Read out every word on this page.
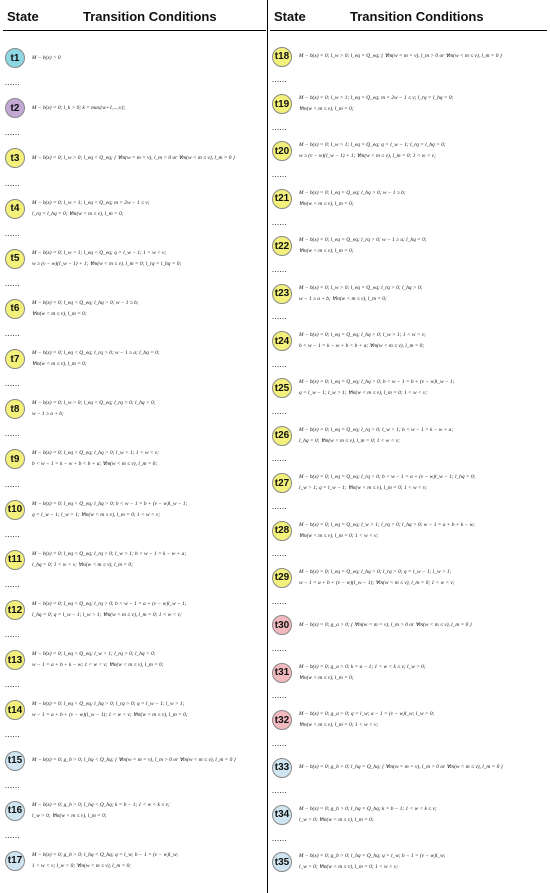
State	Transition Conditions
t1	M − b(x) > 0
......
t2	M − b(x) = 0; l_k > 0; k = max{w+1,...,v};
......
t3	M − b(x) = 0; l_w > 0; l_eq < Q_eq; { ∀m(w = m = v), l_m > 0 or ∀m(w < m ≤ v), l_m = 0 }
......
t4
M − b(x) = 0; l_w > 1; l_eq < Q_eq; m = 2w − 1 ≤ v;
l_rq = l_hq = 0; ∀m(w < m ≤ v), l_m = 0;
......
t5
M − b(x) = 0; l_w > 1; l_eq < Q_eq; q = l_w − 1; 1 < w < v;
w ≥ (v − w)(l_w − 1) + 1; ∀m(w < m ≤ v), l_m = 0; l_rq = l_hq = 0;
......
t6
M − b(x) = 0; l_eq < Q_eq; l_hq > 0; w − 1 ≥ b;
∀m(w < m ≤ v), l_m = 0;
......
t7
M − b(x) = 0; l_eq < Q_eq; l_rq > 0; w − 1 ≥ a; l_hq = 0;
∀m(w < m ≤ v), l_m = 0;
......
t8
M − b(x) = 0; l_w > 0; l_eq < Q_eq; l_rq > 0; l_hq > 0;
w − 1 ≥ a + b;
......
t9
M − b(x) = 0; l_eq < Q_eq; l_hq > 0; l_w > 1; 1 < w < v;
b < w − 1 = k − w + b < b + a; ∀m(w < m ≤ v), l_m = 0;
......
t10
M − b(x) = 0; l_eq < Q_eq; l_hq > 0; b < w − 1 = b + (v − w)l_w − 1;
q = l_w − 1; l_w > 1; ∀m(w < m ≤ v), l_m = 0; 1 < w < v;
......
t11
M − b(x) = 0; l_eq < Q_eq; l_rq > 0; l_w > 1; b < w − 1 = k − w + a;
l_hq = 0; 1 < w < v; ∀m(w < m ≤ v), l_m = 0;
......
t12
M − b(x) = 0; l_eq < Q_eq; l_rq > 0; b < w − 1 = a + (v − w)l_w − 1;
l_hq = 0; q = l_w − 1; l_w > 1; ∀m(w < m ≤ v), l_m = 0; 1 < w < v;
......
t13
M − b(x) = 0; l_eq < Q_eq; l_w > 1; l_rq > 0; l_hq > 0;
w − 1 = a + b + k − w; 1 < w < v; ∀m(w < m ≤ v), l_m = 0;
......
t14
M − b(x) = 0; l_eq < Q_eq; l_hq > 0; l_rq > 0; q = l_w − 1; l_w > 1;
w − 1 = a + b + (v − w)(l_w − 1); 1 < w < v; ∀m(w < m ≤ v), l_m = 0;
......
t15	M − b(x) = 0; g_b > 0; l_hq < Q_hq; { ∀m(w = m = v), l_m > 0 or ∀m(w < m ≤ v), l_m = 0 }
......
t16
M − b(x) = 0; g_b > 0; l_hq < Q_hq; k = b − 1; 1 < w < k ≤ v;
l_w > 0; ∀m(w < m ≤ v), l_m = 0;
......
t17
M − b(x) = 0; g_b > 0; l_hq < Q_hq; q = l_w; b − 1 = (v − w)l_w;
1 < w < v; l_w > 0; ∀m(w < m ≤ v), l_m = 0;
State	Transition Conditions
t18	M − b(x) = 0; l_w > 0; l_eq = Q_eq; { ∀m(w = m = v), l_m > 0 or ∀m(w < m ≤ v), l_m = 0 }
......
t19
M − b(x) = 0; l_w > 1; l_eq = Q_eq; m = 2w − 1 ≤ v; l_rq = l_hq = 0;
∀m(w < m ≤ v), l_m = 0;
......
t20
M − b(x) = 0; l_w > 1; l_eq = Q_eq; q = l_w − 1; l_rq = l_hq = 0;
w ≥ (v − w)(l_w − 1) + 1; ∀m(w < m ≤ v), l_m = 0; 1 < w < v;
......
t21
M − b(x) = 0; l_eq = Q_eq; l_hq > 0; w − 1 ≥ b;
∀m(w < m ≤ v), l_m = 0;
......
t22
M − b(x) = 0; l_eq = Q_eq; l_rq > 0; w − 1 ≥ a; l_hq = 0;
∀m(w < m ≤ v), l_m = 0;
......
t23
M − b(x) = 0; l_w > 0; l_eq = Q_eq; l_rq > 0; l_hq > 0;
w − 1 ≥ a + b; ∀m(w < m ≤ v), l_m = 0;
......
t24
M − b(x) = 0; l_eq = Q_eq; l_hq > 0; l_w > 1; 1 < w < v;
b < w − 1 = k − w + b < b + a; ∀m(w < m ≤ v), l_m = 0;
......
t25
M − b(x) = 0; l_eq = Q_eq; l_hq > 0; b < w − 1 = b + (v − w)l_w − 1;
q = l_w − 1; l_w > 1; ∀m(w < m ≤ v), l_m = 0; 1 < w < v;
......
t26
M − b(x) = 0; l_eq = Q_eq; l_rq > 0; l_w > 1; b < w − 1 = k − w + a;
l_hq = 0; ∀m(w < m ≤ v), l_m = 0; 1 < w < v;
......
t27
M − b(x) = 0; l_eq = Q_eq; l_rq > 0; b < w − 1 = a + (v − w)l_w − 1; l_hq = 0;
l_w > 1; q = l_w − 1; ∀m(w < m ≤ v), l_m = 0; 1 < w < v;
......
t28
M − b(x) = 0; l_eq = Q_eq; l_w > 1; l_rq > 0; l_hq > 0; w − 1 = a + b + k − w;
∀m(w < m ≤ v), l_m = 0; 1 < w < v;
......
t29
M − b(x) = 0; l_eq = Q_eq; l_hq > 0; l_rq > 0; q = l_w − 1; l_w > 1;
w − 1 = a + b + (v − w)(l_w − 1); ∀m(w < m ≤ v), l_m = 0; 1 < w < v;
......
t30	M − b(x) = 0; g_a > 0; { ∀m(w = m = v), l_m > 0 or ∀m(w < m ≤ v), l_m = 0 }
......
t31
M − b(x) = 0; g_a > 0; k = a − 1; 1 < w < k ≤ v; l_w > 0;
∀m(w < m ≤ v), l_m = 0;
......
t32
M − b(x) = 0; g_a > 0; q = l_w; a − 1 = (v − w)l_w; l_w > 0;
∀m(w < m ≤ v), l_m = 0; 1 < w < v;
......
t33	M − b(x) = 0; g_b > 0; l_hq = Q_hq; { ∀m(w = m = v), l_m > 0 or ∀m(w < m ≤ v), l_m = 0 }
......
t34
M − b(x) = 0; g_b > 0; l_hq = Q_hq; k = b − 1; 1 < w < k ≤ v;
l_w > 0; ∀m(w < m ≤ v), l_m = 0;
......
t35
M − b(x) = 0; g_b > 0; l_hq = Q_hq; q = l_w; b − 1 = (v − w)l_w;
l_w > 0; ∀m(w < m ≤ v), l_m = 0; 1 < w < v;
